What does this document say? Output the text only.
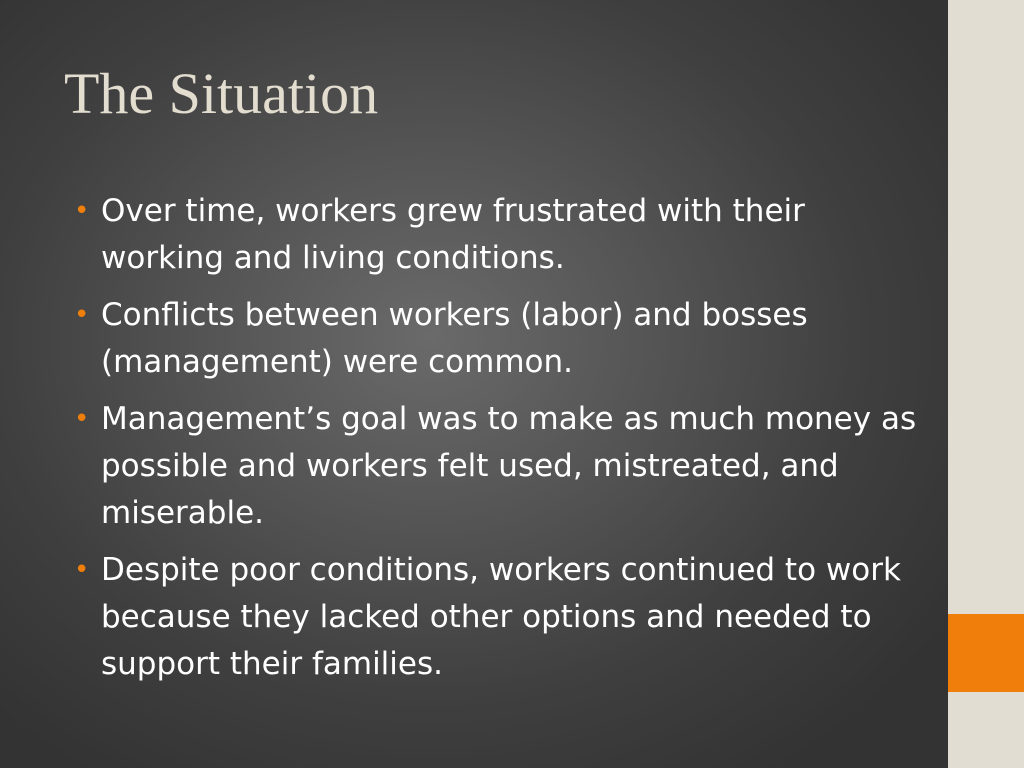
The Situation
• Over time, workers grew frustrated with their working and living conditions.
• Conflicts between workers (labor) and bosses (management) were common.
• Management’s goal was to make as much money as possible and workers felt used, mistreated, and miserable.
• Despite poor conditions, workers continued to work because they lacked other options and needed to support their families.
